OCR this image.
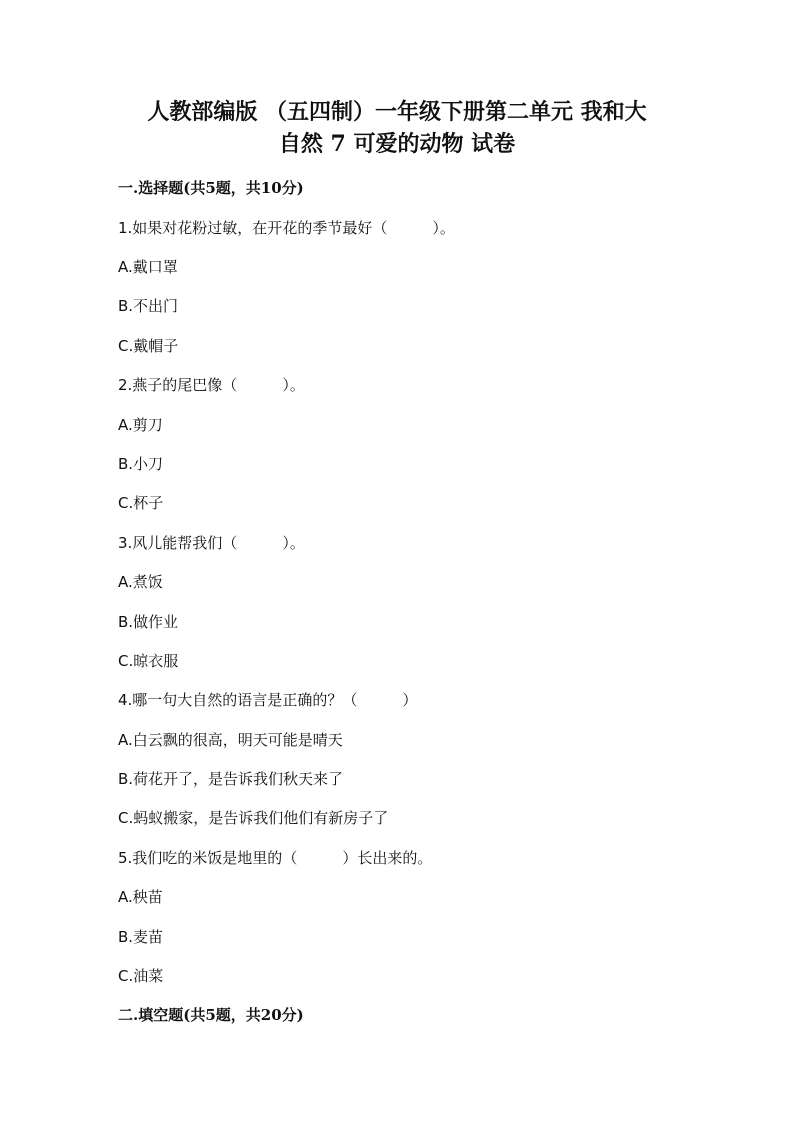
人教部编版 （五四制）一年级下册第二单元 我和大
自然 7 可爱的动物 试卷
一.选择题(共5题，共10分)
1.如果对花粉过敏，在开花的季节最好（　　　）。
A.戴口罩
B.不出门
C.戴帽子
2.燕子的尾巴像（　　　）。
A.剪刀
B.小刀
C.杯子
3.风儿能帮我们（　　　）。
A.煮饭
B.做作业
C.晾衣服
4.哪一句大自然的语言是正确的？（　　　）
A.白云飘的很高，明天可能是晴天
B.荷花开了，是告诉我们秋天来了
C.蚂蚁搬家，是告诉我们他们有新房子了
5.我们吃的米饭是地里的（　　　）长出来的。
A.秧苗
B.麦苗
C.油菜
二.填空题(共5题，共20分)
